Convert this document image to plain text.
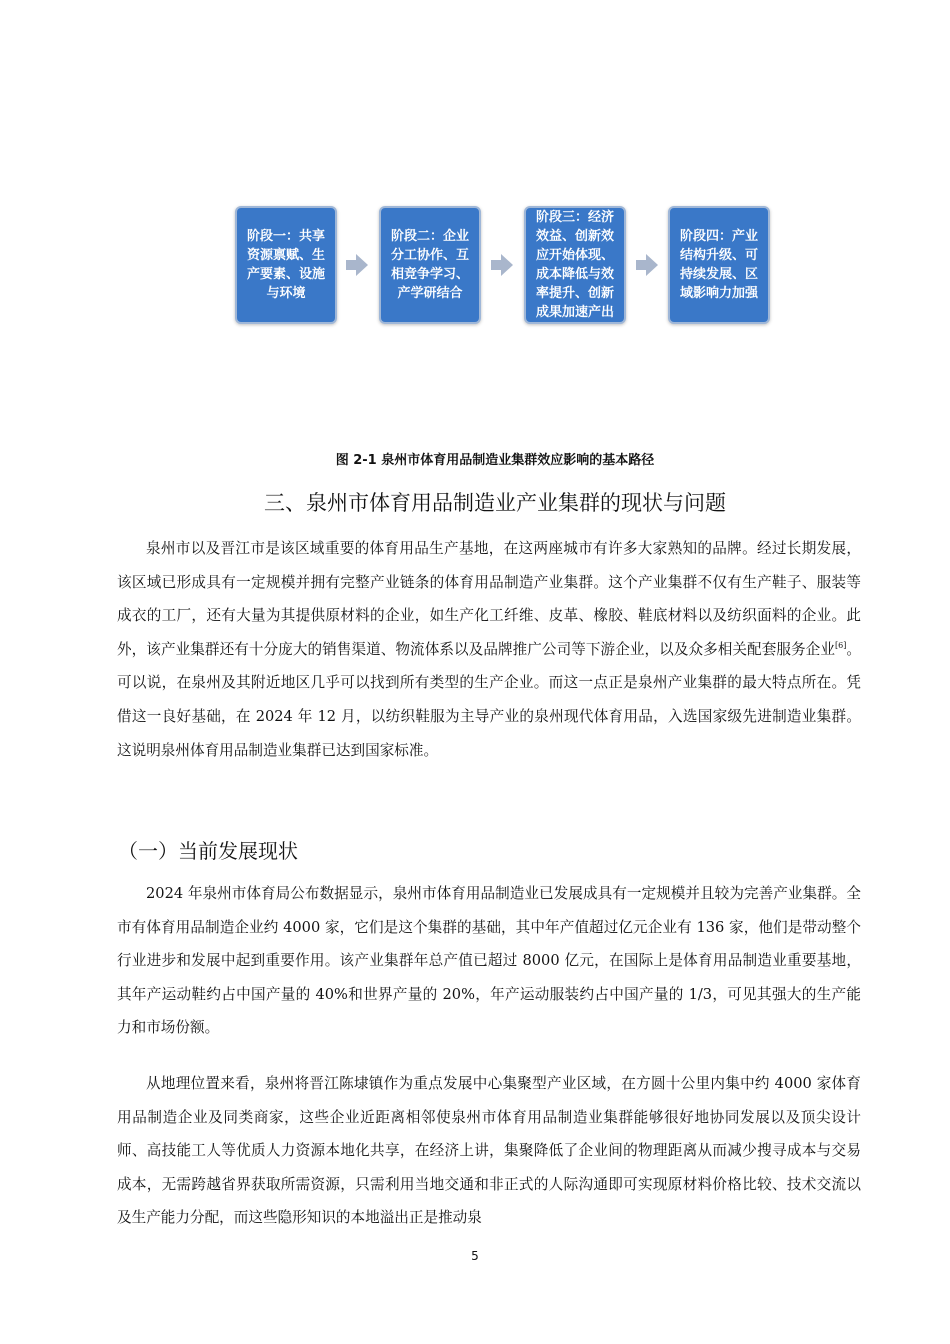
阶段一：共享资源禀赋、生产要素、设施与环境
阶段二：企业分工协作、互相竞争学习、产学研结合
阶段三：经济效益、创新效应开始体现、成本降低与效率提升、创新成果加速产出
阶段四：产业结构升级、可持续发展、区域影响力加强
图 2-1 泉州市体育用品制造业集群效应影响的基本路径
三、泉州市体育用品制造业产业集群的现状与问题
泉州市以及晋江市是该区域重要的体育用品生产基地，在这两座城市有许多大家熟知的品牌。经过长期发展，该区域已形成具有一定规模并拥有完整产业链条的体育用品制造产业集群。这个产业集群不仅有生产鞋子、服装等成衣的工厂，还有大量为其提供原材料的企业，如生产化工纤维、皮革、橡胶、鞋底材料以及纺织面料的企业。此外，该产业集群还有十分庞大的销售渠道、物流体系以及品牌推广公司等下游企业，以及众多相关配套服务企业[6]。可以说，在泉州及其附近地区几乎可以找到所有类型的生产企业。而这一点正是泉州产业集群的最大特点所在。凭借这一良好基础，在 2024 年 12 月，以纺织鞋服为主导产业的泉州现代体育用品，入选国家级先进制造业集群。这说明泉州体育用品制造业集群已达到国家标准。
（一）当前发展现状
2024 年泉州市体育局公布数据显示，泉州市体育用品制造业已发展成具有一定规模并且较为完善产业集群。全市有体育用品制造企业约 4000 家，它们是这个集群的基础，其中年产值超过亿元企业有 136 家，他们是带动整个行业进步和发展中起到重要作用。该产业集群年总产值已超过 8000 亿元，在国际上是体育用品制造业重要基地，其年产运动鞋约占中国产量的 40%和世界产量的 20%，年产运动服装约占中国产量的 1/3，可见其强大的生产能力和市场份额。
从地理位置来看，泉州将晋江陈埭镇作为重点发展中心集聚型产业区域，在方圆十公里内集中约 4000 家体育用品制造企业及同类商家，这些企业近距离相邻使泉州市体育用品制造业集群能够很好地协同发展以及顶尖设计师、高技能工人等优质人力资源本地化共享，在经济上讲，集聚降低了企业间的物理距离从而减少搜寻成本与交易成本，无需跨越省界获取所需资源，只需利用当地交通和非正式的人际沟通即可实现原材料价格比较、技术交流以及生产能力分配，而这些隐形知识的本地溢出正是推动泉
5
